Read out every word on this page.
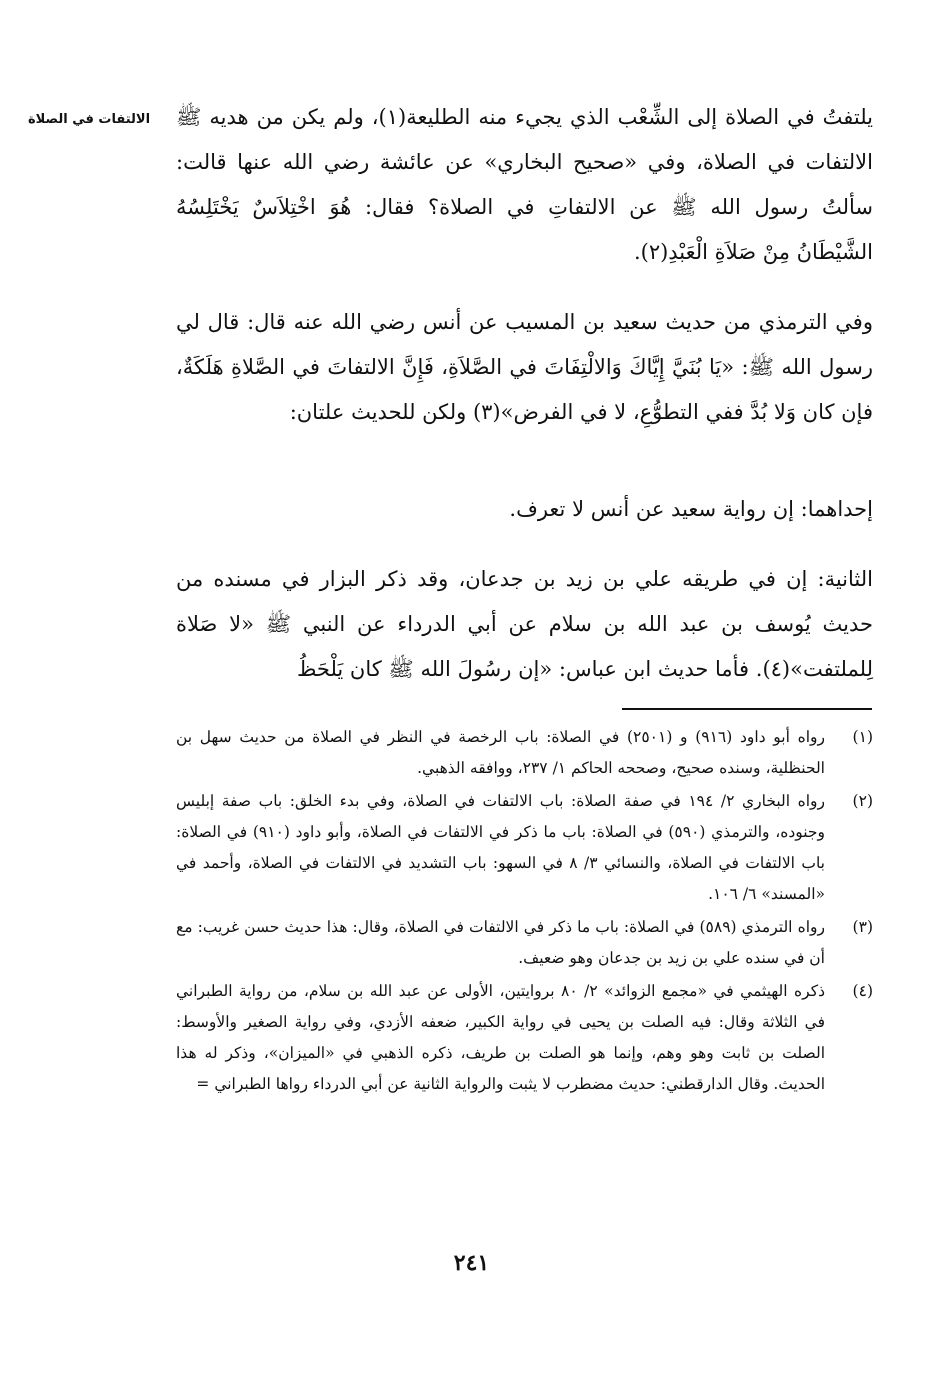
الالتفات في الصلاة	يلتفتُ في الصلاة إلى الشِّعْب الذي يجيء منه الطليعة(١)، ولم يكن من هديه ﷺ الالتفات في الصلاة، وفي «صحيح البخاري» عن عائشة رضي الله عنها قالت: سألتُ رسول الله ﷺ عن الالتفاتِ في الصلاة؟ فقال: هُوَ اخْتِلاَسٌ يَخْتَلِسُهُ الشَّيْطَانُ مِنْ صَلاَةِ الْعَبْدِ(٢).

وفي الترمذي من حديث سعيد بن المسيب عن أنس رضي الله عنه قال: قال لي رسول الله ﷺ: «يَا بُنَيَّ إِيَّاكَ وَالالْتِفَاتَ في الصَّلاَةِ، فَإِنَّ الالتفاتَ في الصَّلاةِ هَلَكَةٌ، فإن كان وَلا بُدَّ ففي التطوُّعِ، لا في الفرض»(٣) ولكن للحديث علتان:

إحداهما: إن رواية سعيد عن أنس لا تعرف.

الثانية: إن في طريقه علي بن زيد بن جدعان، وقد ذكر البزار في مسنده من حديث يُوسف بن عبد الله بن سلام عن أبي الدرداء عن النبي ﷺ «لا صَلاة لِلملتفت»(٤). فأما حديث ابن عباس: «إن رسُولَ الله ﷺ كان يَلْحَظُ

(١)
رواه أبو داود (٩١٦) و (٢٥٠١) في الصلاة: باب الرخصة في النظر في الصلاة من حديث سهل بن الحنظلية، وسنده صحيح، وصححه الحاكم ١/ ٢٣٧، ووافقه الذهبي.
(٢)
رواه البخاري ٢/ ١٩٤ في صفة الصلاة: باب الالتفات في الصلاة، وفي بدء الخلق: باب صفة إبليس وجنوده، والترمذي (٥٩٠) في الصلاة: باب ما ذكر في الالتفات في الصلاة، وأبو داود (٩١٠) في الصلاة: باب الالتفات في الصلاة، والنسائي ٣/ ٨ في السهو: باب التشديد في الالتفات في الصلاة، وأحمد في «المسند» ٦/ ١٠٦.
(٣)
رواه الترمذي (٥٨٩) في الصلاة: باب ما ذكر في الالتفات في الصلاة، وقال: هذا حديث حسن غريب: مع أن في سنده علي بن زيد بن جدعان وهو ضعيف.
(٤)
ذكره الهيثمي في «مجمع الزوائد» ٢/ ٨٠ بروايتين، الأولى عن عبد الله بن سلام، من رواية الطبراني في الثلاثة وقال: فيه الصلت بن يحيى في رواية الكبير، ضعفه الأزدي، وفي رواية الصغير والأوسط: الصلت بن ثابت وهو وهم، وإنما هو الصلت بن طريف، ذكره الذهبي في «الميزان»، وذكر له هذا الحديث. وقال الدارقطني: حديث مضطرب لا يثبت والرواية الثانية عن أبي الدرداء رواها الطبراني =
٢٤١
